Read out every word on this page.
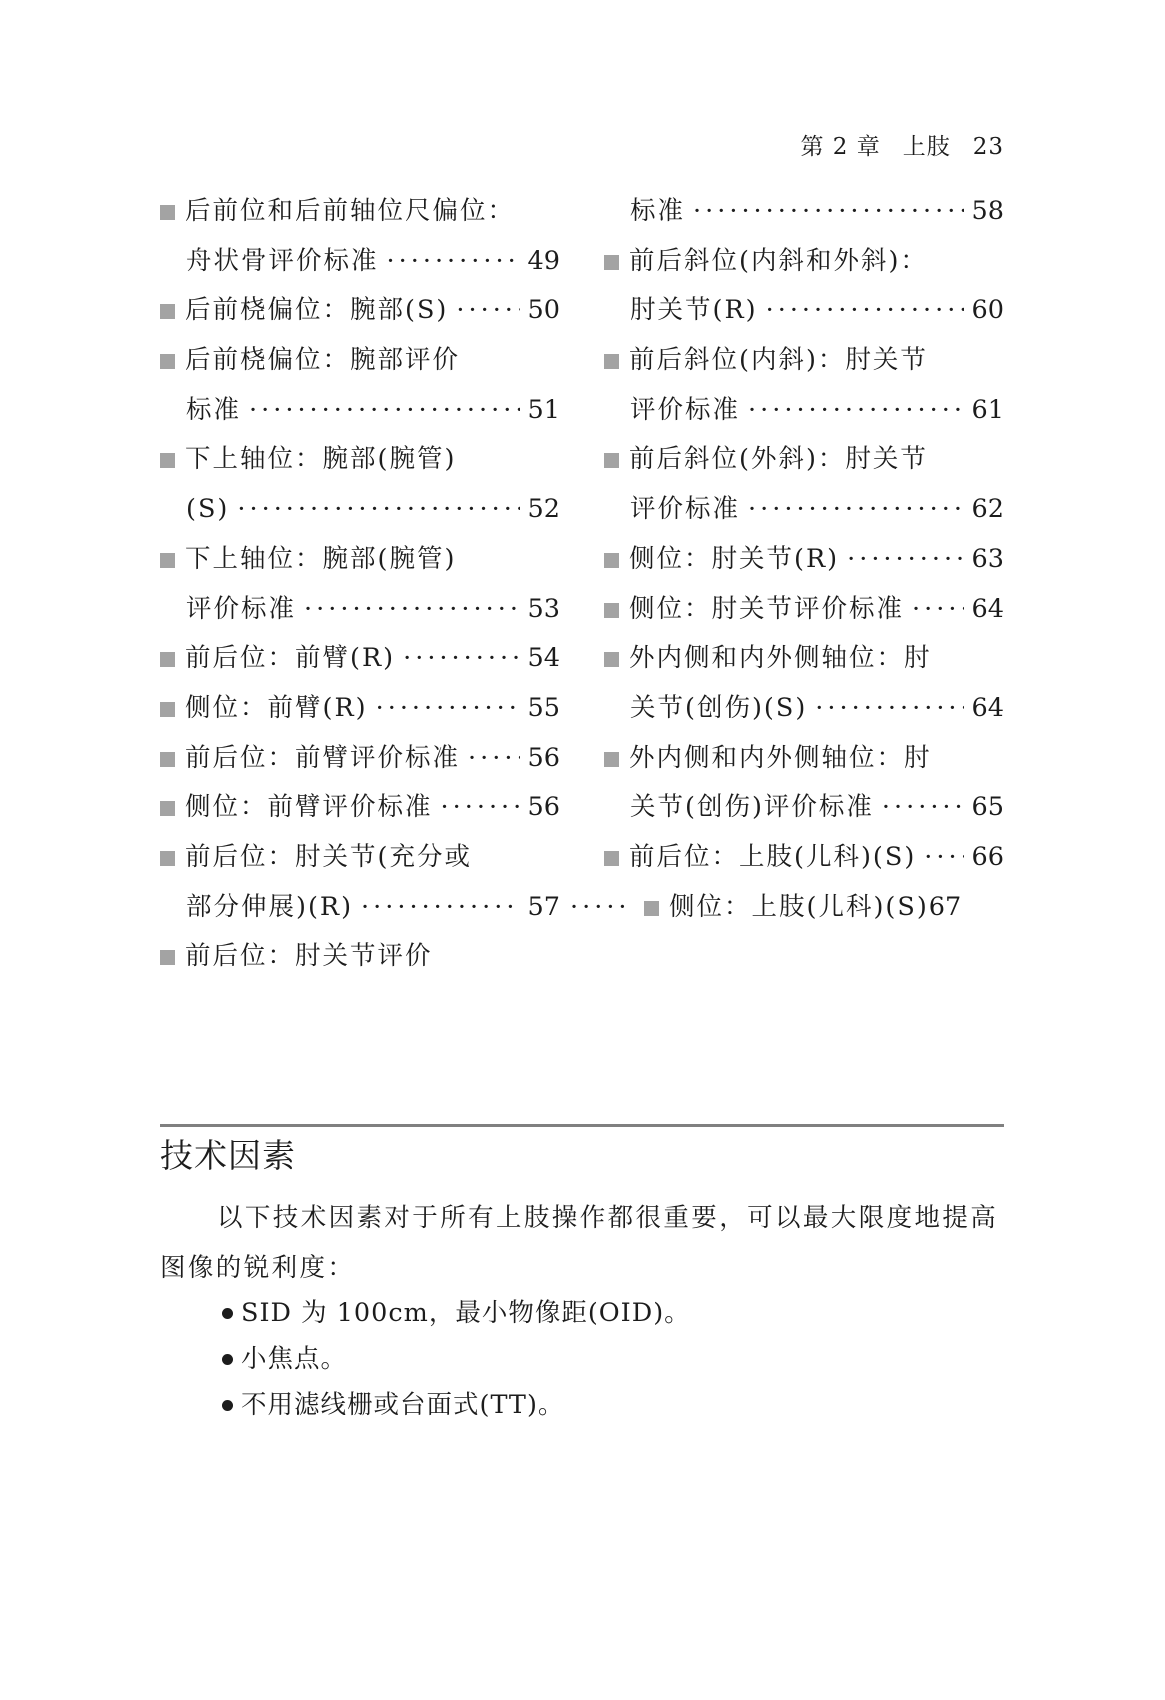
第 2 章 上肢 23
后前位和后前轴位尺偏位：
舟状骨评价标准 ·····	49
后前桡偏位：腕部(S) ·····	50
后前桡偏位：腕部评价
标准 ·····	51
下上轴位：腕部(腕管)
(S) ·····	52
下上轴位：腕部(腕管)
评价标准 ·····	53
前后位：前臂(R) ·····	54
侧位：前臂(R) ·····	55
前后位：前臂评价标准 ·····	56
侧位：前臂评价标准 ·····	56
前后位：肘关节(充分或
部分伸展)(R) ·····	57
前后位：肘关节评价
标准 ·····	58
前后斜位(内斜和外斜)：
肘关节(R) ·····	60
前后斜位(内斜)：肘关节
评价标准 ·····	61
前后斜位(外斜)：肘关节
评价标准 ·····	62
侧位：肘关节(R) ·····	63
侧位：肘关节评价标准 ·····	64
外内侧和内外侧轴位：肘
关节(创伤)(S) ·····	64
外内侧和内外侧轴位：肘
关节(创伤)评价标准 ·····	65
前后位：上肢(儿科)(S) ····· 66
·····
侧位：上肢(儿科)(S) 67
技术因素
以下技术因素对于所有上肢操作都很重要，可以最大限度地提高图像的锐利度：
SID 为 100cm，最小物像距(OID)。
小焦点。
不用滤线栅或台面式(TT)。
